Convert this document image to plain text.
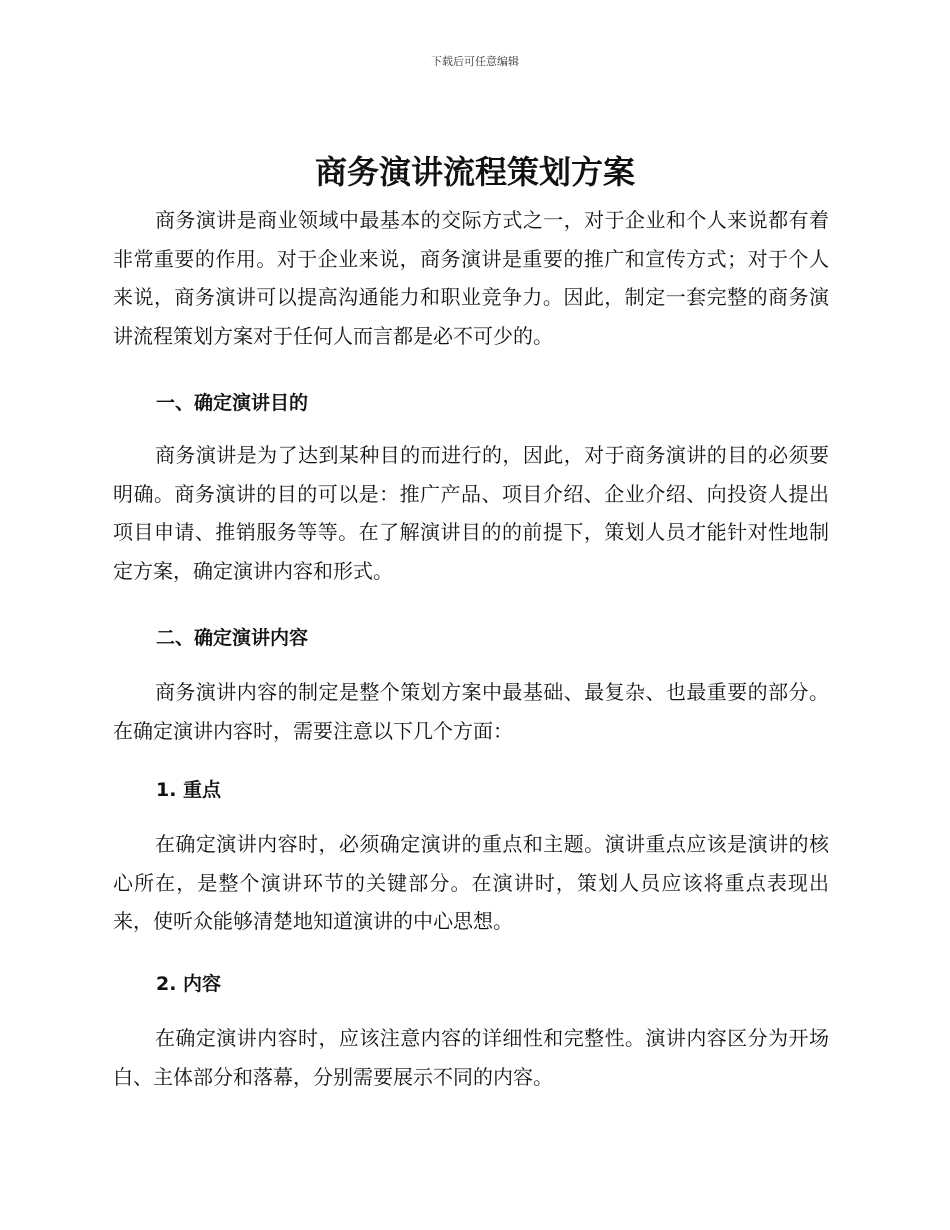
下载后可任意编辑
商务演讲流程策划方案

商务演讲是商业领域中最基本的交际方式之一，对于企业和个人来说都有着非常重要的作用。对于企业来说，商务演讲是重要的推广和宣传方式；对于个人来说，商务演讲可以提高沟通能力和职业竞争力。因此，制定一套完整的商务演讲流程策划方案对于任何人而言都是必不可少的。

一、确定演讲目的

商务演讲是为了达到某种目的而进行的，因此，对于商务演讲的目的必须要明确。商务演讲的目的可以是：推广产品、项目介绍、企业介绍、向投资人提出项目申请、推销服务等等。在了解演讲目的的前提下，策划人员才能针对性地制定方案，确定演讲内容和形式。

二、确定演讲内容

商务演讲内容的制定是整个策划方案中最基础、最复杂、也最重要的部分。在确定演讲内容时，需要注意以下几个方面：

1. 重点

在确定演讲内容时，必须确定演讲的重点和主题。演讲重点应该是演讲的核心所在，是整个演讲环节的关键部分。在演讲时，策划人员应该将重点表现出来，使听众能够清楚地知道演讲的中心思想。

2. 内容

在确定演讲内容时，应该注意内容的详细性和完整性。演讲内容区分为开场白、主体部分和落幕，分别需要展示不同的内容。
